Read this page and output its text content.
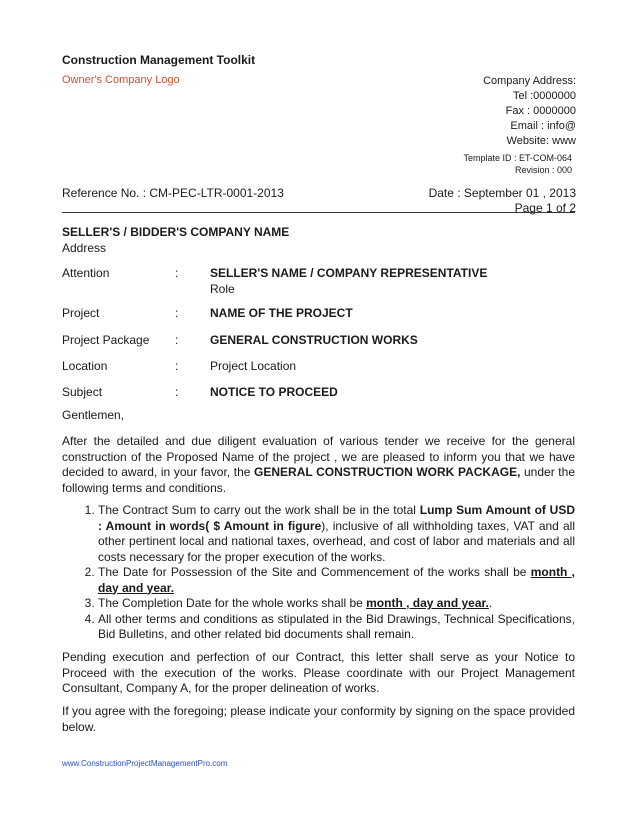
Construction Management Toolkit
Owner's Company Logo	Company Address:
Tel :0000000
Fax : 0000000
Email : info@
Website: www
Template ID : ET-COM-064
Revision : 000
Reference No. : CM-PEC-LTR-0001-2013	Date : September 01 , 2013
Page 1 of 2
SELLER'S / BIDDER'S COMPANY NAME
Address
Attention	:	SELLER'S NAME / COMPANY REPRESENTATIVE
Role
Project	:	NAME OF THE PROJECT
Project Package :	GENERAL CONSTRUCTION WORKS
Location	:	Project Location
Subject	:	NOTICE TO PROCEED
Gentlemen,
After the detailed and due diligent evaluation of various tender we receive for the general construction of the Proposed Name of the project , we are pleased to inform you that we have decided to award, in your favor, the GENERAL CONSTRUCTION WORK PACKAGE, under the following terms and conditions.
1. The Contract Sum to carry out the work shall be in the total Lump Sum Amount of USD : Amount in words( $ Amount in figure), inclusive of all withholding taxes, VAT and all other pertinent local and national taxes, overhead, and cost of labor and materials and all costs necessary for the proper execution of the works.
2. The Date for Possession of the Site and Commencement of the works shall be month , day and year.
3. The Completion Date for the whole works shall be month , day and year..
4. All other terms and conditions as stipulated in the Bid Drawings, Technical Specifications, Bid Bulletins, and other related bid documents shall remain.
Pending execution and perfection of our Contract, this letter shall serve as your Notice to Proceed with the execution of the works. Please coordinate with our Project Management Consultant, Company A, for the proper delineation of works.
If you agree with the foregoing; please indicate your conformity by signing on the space provided below.
www.ConstructionProjectManagementPro.com
